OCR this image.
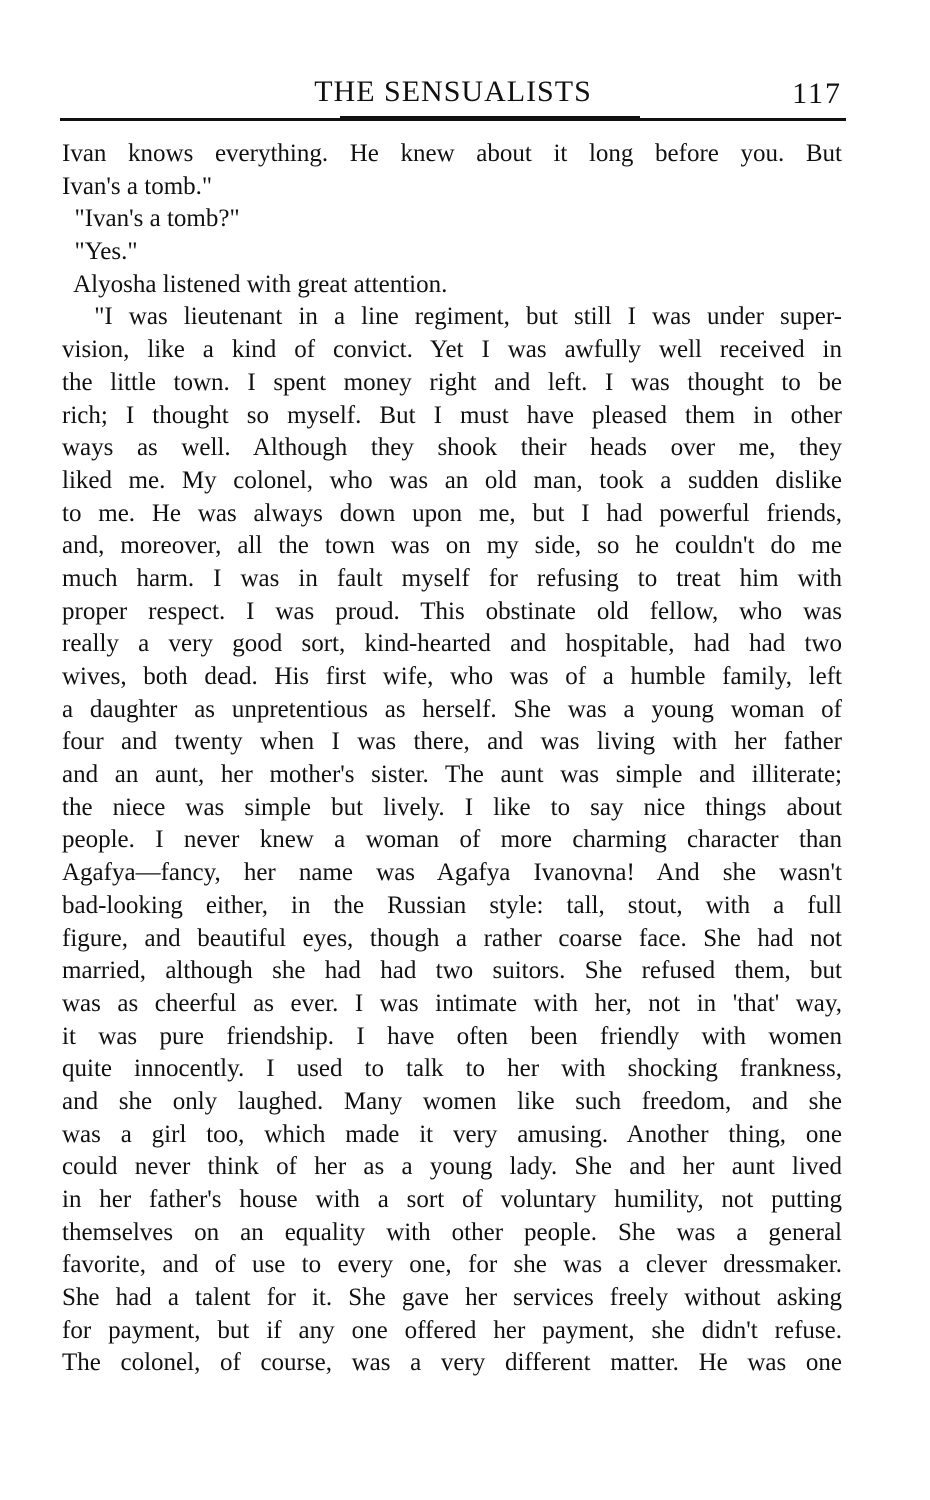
THE SENSUALISTS	117
Ivan knows everything. He knew about it long before you. But
Ivan's a tomb."
"Ivan's a tomb?"
"Yes."
Alyosha listened with great attention.
"I was lieutenant in a line regiment, but still I was under super-
vision, like a kind of convict. Yet I was awfully well received in
the little town. I spent money right and left. I was thought to be
rich; I thought so myself. But I must have pleased them in other
ways as well. Although they shook their heads over me, they
liked me. My colonel, who was an old man, took a sudden dislike
to me. He was always down upon me, but I had powerful friends,
and, moreover, all the town was on my side, so he couldn't do me
much harm. I was in fault myself for refusing to treat him with
proper respect. I was proud. This obstinate old fellow, who was
really a very good sort, kind-hearted and hospitable, had had two
wives, both dead. His first wife, who was of a humble family, left
a daughter as unpretentious as herself. She was a young woman of
four and twenty when I was there, and was living with her father
and an aunt, her mother's sister. The aunt was simple and illiterate;
the niece was simple but lively. I like to say nice things about
people. I never knew a woman of more charming character than
Agafya—fancy, her name was Agafya Ivanovna! And she wasn't
bad-looking either, in the Russian style: tall, stout, with a full
figure, and beautiful eyes, though a rather coarse face. She had not
married, although she had had two suitors. She refused them, but
was as cheerful as ever. I was intimate with her, not in 'that' way,
it was pure friendship. I have often been friendly with women
quite innocently. I used to talk to her with shocking frankness,
and she only laughed. Many women like such freedom, and she
was a girl too, which made it very amusing. Another thing, one
could never think of her as a young lady. She and her aunt lived
in her father's house with a sort of voluntary humility, not putting
themselves on an equality with other people. She was a general
favorite, and of use to every one, for she was a clever dressmaker.
She had a talent for it. She gave her services freely without asking
for payment, but if any one offered her payment, she didn't refuse.
The colonel, of course, was a very different matter. He was one
